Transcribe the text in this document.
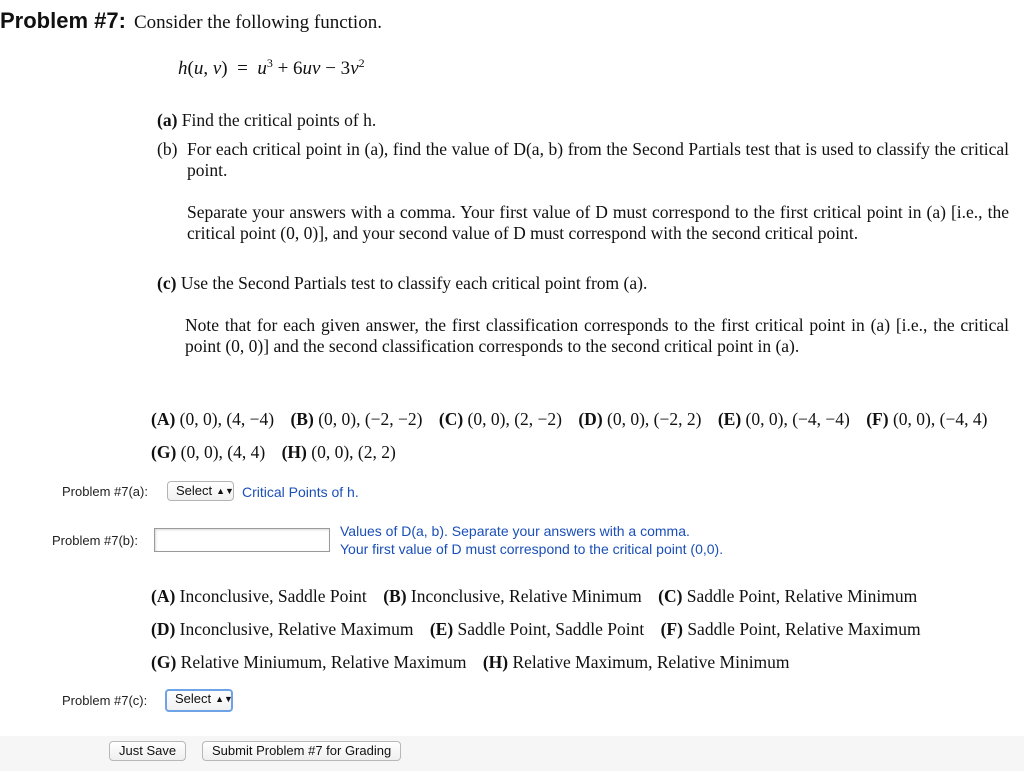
Problem #7: Consider the following function.
h(u, $v) = u^3 + 6uv - 3v^2$
(a) Find the critical points of h.
(b) For each critical point in (a), find the value of D(a, b) from the Second Partials test that is used to classify the critical point.
Separate your answers with a comma. Your first value of D must correspond to the first critical point in (a) [i.e., the critical point (0, 0)], and your second value of D must correspond with the second critical point.
(c) Use the Second Partials test to classify each critical point from (a).
Note that for each given answer, the first classification corresponds to the first critical point in (a) [i.e., the critical point (0, 0)] and the second classification corresponds to the second critical point in (a).
(A) (0, 0), (4, −4) (B) (0, 0), (−2, −2) (C) (0, 0), (2, −2) (D) (0, 0), (−2, 2) (E) (0, 0), (−4, −4) (F) (0, 0), (−4, 4)
(G) (0, 0), (4, 4) (H) (0, 0), (2, 2)
Problem #7(a):	Select ▲▼ Critical Points of h.
Problem #7(b):
Values of D(a, b). Separate your answers with a comma.
Your first value of D must correspond to the critical point (0,0).
(A) Inconclusive, Saddle Point (B) Inconclusive, Relative Minimum (C) Saddle Point, Relative Minimum
(D) Inconclusive, Relative Maximum (E) Saddle Point, Saddle Point (F) Saddle Point, Relative Maximum
(G) Relative Miniumum, Relative Maximum (H) Relative Maximum, Relative Minimum
Problem #7(c):	Select ▲▼
Just Save	Submit Problem #7 for Grading
